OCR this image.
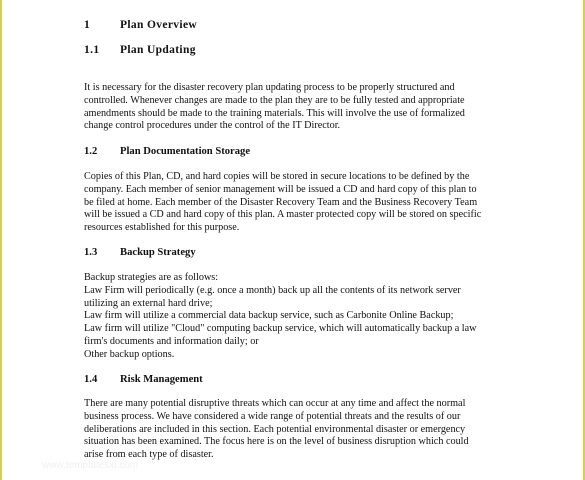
1	Plan Overview
1.1 Plan Updating
It is necessary for the disaster recovery plan updating process to be properly structured and
controlled. Whenever changes are made to the plan they are to be fully tested and appropriate
amendments should be made to the training materials. This will involve the use of formalized
change control procedures under the control of the IT Director.
1.2 Plan Documentation Storage
Copies of this Plan, CD, and hard copies will be stored in secure locations to be defined by the
company. Each member of senior management will be issued a CD and hard copy of this plan to
be filed at home. Each member of the Disaster Recovery Team and the Business Recovery Team
will be issued a CD and hard copy of this plan. A master protected copy will be stored on specific
resources established for this purpose.
1.3 Backup Strategy
Backup strategies are as follows:
Law Firm will periodically (e.g. once a month) back up all the contents of its network server
utilizing an external hard drive;
Law firm will utilize a commercial data backup service, such as Carbonite Online Backup;
Law firm will utilize "Cloud" computing backup service, which will automatically backup a law
firm's documents and information daily; or
Other backup options.
1.4 Risk Management
There are many potential disruptive threats which can occur at any time and affect the normal
business process. We have considered a wide range of potential threats and the results of our
deliberations are included in this section. Each potential environmental disaster or emergency
situation has been examined. The focus here is on the level of business disruption which could
arise from each type of disaster.
www.templatesxl.com
